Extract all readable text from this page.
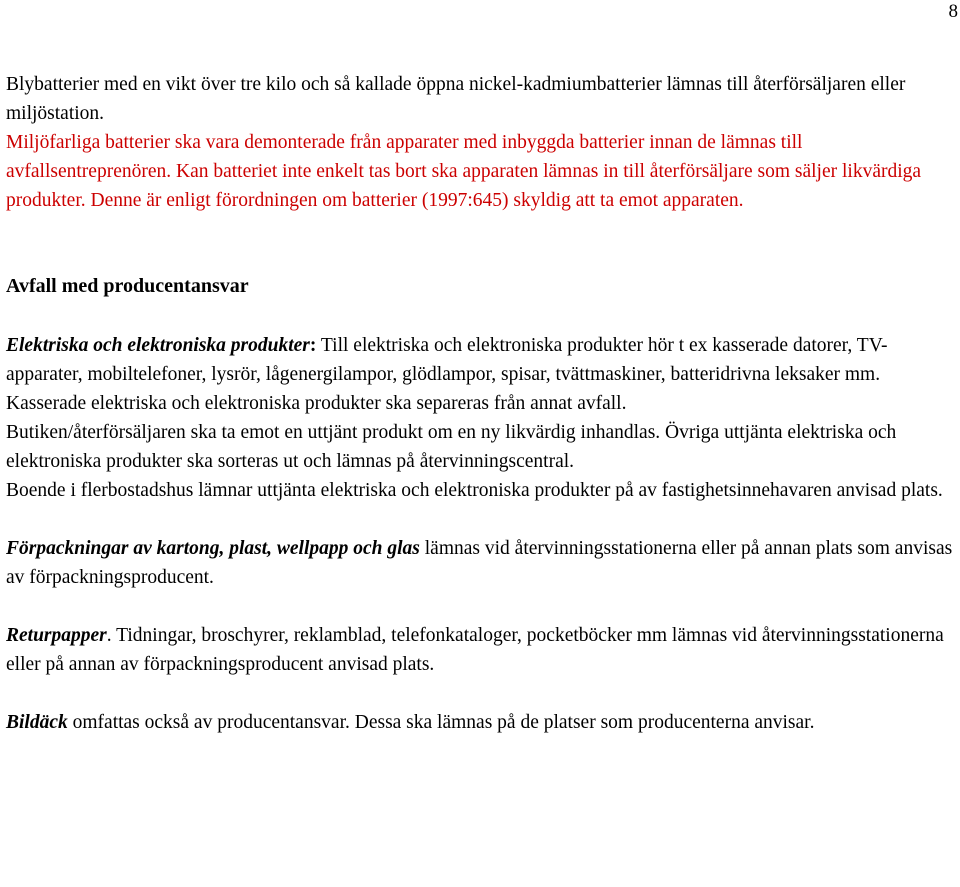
8

Blybatterier med en vikt över tre kilo och så kallade öppna nickel-kadmiumbatterier lämnas till återförsäljaren eller miljöstation.

Miljöfarliga batterier ska vara demonterade från apparater med inbyggda batterier innan de lämnas till avfallsentreprenören. Kan batteriet inte enkelt tas bort ska apparaten lämnas in till återförsäljare som säljer likvärdiga produkter. Denne är enligt förordningen om batterier (1997:645) skyldig att ta emot apparaten.

Avfall med producentansvar

Elektriska och elektroniska produkter: Till elektriska och elektroniska produkter hör t ex kasserade datorer, TV-apparater, mobiltelefoner, lysrör, lågenergilampor, glödlampor, spisar, tvättmaskiner, batteridrivna leksaker mm.

Kasserade elektriska och elektroniska produkter ska separeras från annat avfall.

Butiken/återförsäljaren ska ta emot en uttjänt produkt om en ny likvärdig inhandlas. Övriga uttjänta elektriska och elektroniska produkter ska sorteras ut och lämnas på återvinningscentral.

Boende i flerbostadshus lämnar uttjänta elektriska och elektroniska produkter på av fastighetsinnehavaren anvisad plats.

Förpackningar av kartong, plast, wellpapp och glas lämnas vid återvinningsstationerna eller på annan plats som anvisas av förpackningsproducent.

Returpapper. Tidningar, broschyrer, reklamblad, telefonkataloger, pocketböcker mm lämnas vid återvinningsstationerna eller på annan av förpackningsproducent anvisad plats.

Bildäck omfattas också av producentansvar. Dessa ska lämnas på de platser som producenterna anvisar.
